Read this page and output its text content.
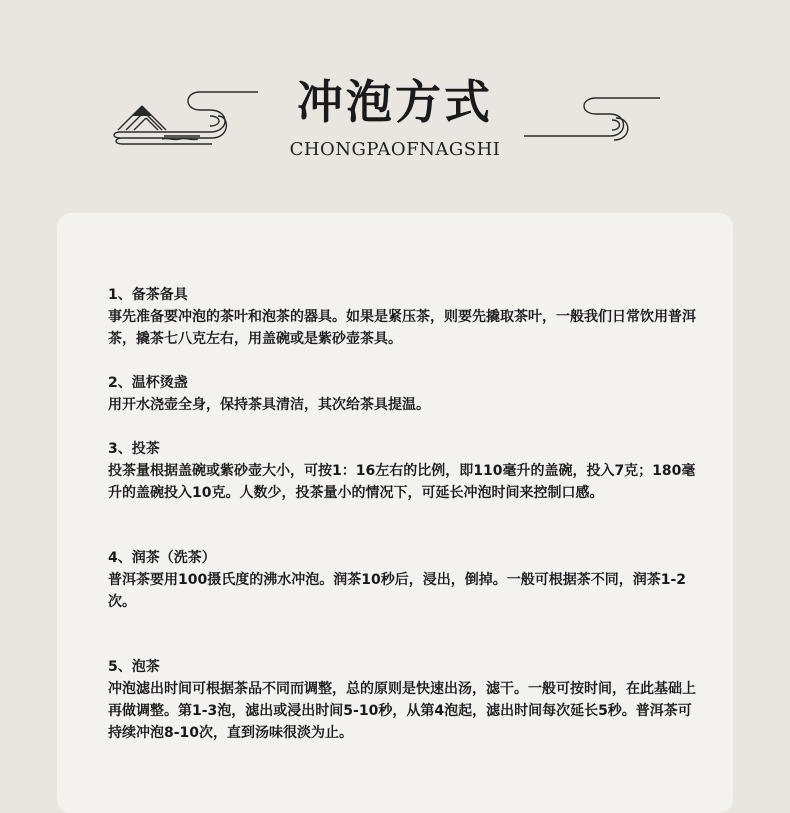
冲泡方式
CHONGPAOFNAGSHI

1、备茶备具

事先准备要冲泡的茶叶和泡茶的器具。如果是紧压茶，则要先撬取茶叶，一般我们日常饮用普洱茶，撬茶七八克左右，用盖碗或是紫砂壶茶具。

2、温杯烫盏

用开水浇壶全身，保持茶具清洁，其次给茶具提温。

3、投茶

投茶量根据盖碗或紫砂壶大小，可按1：16左右的比例，即110毫升的盖碗，投入7克；180毫升的盖碗投入10克。人数少，投茶量小的情况下，可延长冲泡时间来控制口感。

4、润茶（洗茶）

普洱茶要用100摄氏度的沸水冲泡。润茶10秒后，浸出，倒掉。一般可根据茶不同，润茶1-2次。

5、泡茶

冲泡滤出时间可根据茶品不同而调整，总的原则是快速出汤，滤干。一般可按时间，在此基础上再做调整。第1-3泡，滤出或浸出时间5-10秒，从第4泡起，滤出时间每次延长5秒。普洱茶可持续冲泡8-10次，直到汤味很淡为止。
